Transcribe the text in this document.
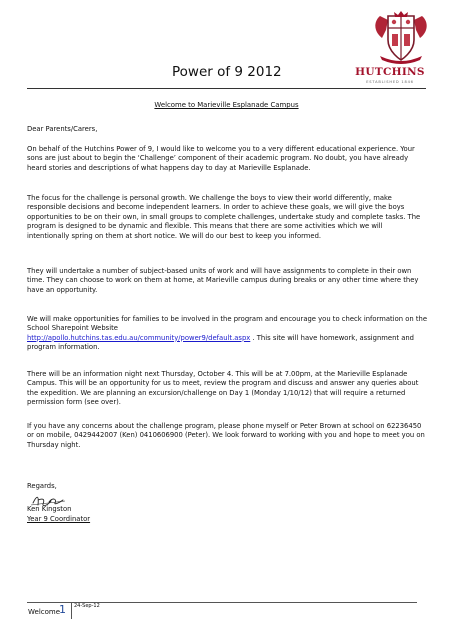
HUTCHINS
ESTABLISHED 1846
Power of 9 2012
Welcome to Marieville Esplanade Campus
Dear Parents/Carers,

On behalf of the Hutchins Power of 9, I would like to welcome you to a very different educational experience. Your sons are just about to begin the ‘Challenge’ component of their academic program. No doubt, you have already heard stories and descriptions of what happens day to day at Marieville Esplanade.

The focus for the challenge is personal growth. We challenge the boys to view their world differently, make responsible decisions and become independent learners. In order to achieve these goals, we will give the boys opportunities to be on their own, in small groups to complete challenges, undertake study and complete tasks. The program is designed to be dynamic and flexible. This means that there are some activities which we will intentionally spring on them at short notice. We will do our best to keep you informed.

They will undertake a number of subject-based units of work and will have assignments to complete in their own time. They can choose to work on them at home, at Marieville campus during breaks or any other time where they have an opportunity.

We will make opportunities for families to be involved in the program and encourage you to check information on the School Sharepoint Website
http://apollo.hutchins.tas.edu.au/community/power9/default.aspx . This site will have homework, assignment and program information.

There will be an information night next Thursday, October 4. This will be at 7.00pm, at the Marieville Esplanade Campus. This will be an opportunity for us to meet, review the program and discuss and answer any queries about the expedition. We are planning an excursion/challenge on Day 1 (Monday 1/10/12) that will require a returned permission form (see over).

If you have any concerns about the challenge program, please phone myself or Peter Brown at school on 62236450 or on mobile, 0429442007 (Ken) 0410606900 (Peter). We look forward to working with you and hope to meet you on Thursday night.

Regards,
Ken Kingston
Year 9 Coordinator
Welcome
1 24-Sep-12
